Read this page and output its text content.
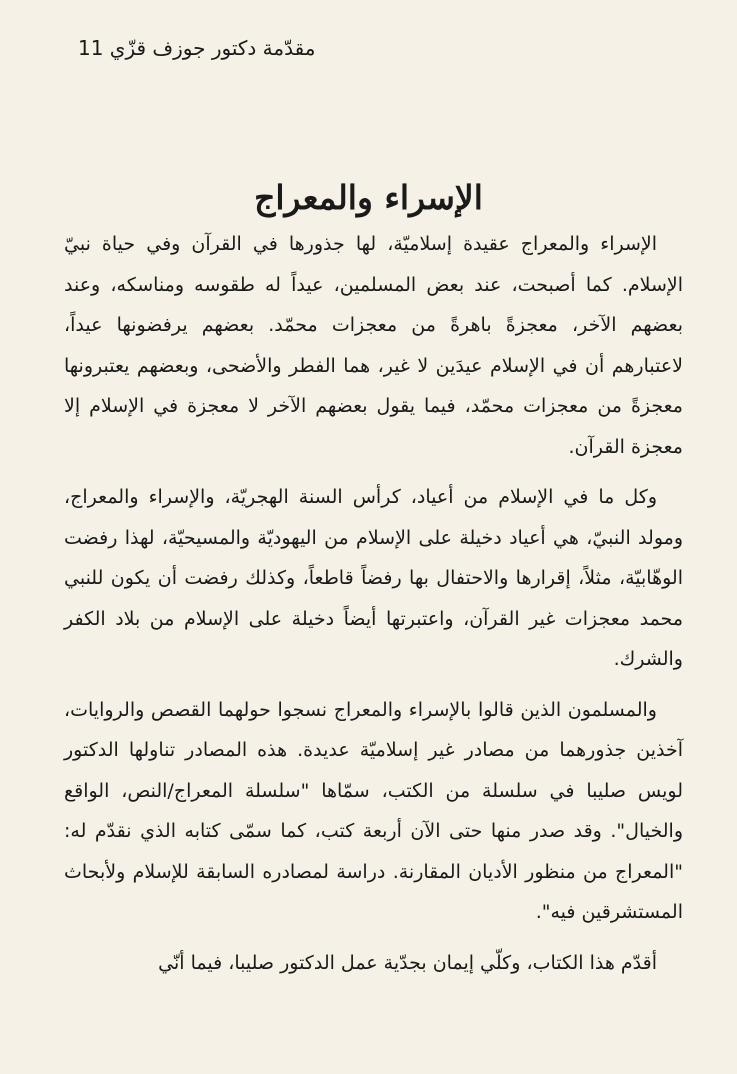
مقدّمة دكتور جوزف قزّي 11
الإسراء والمعراج

الإسراء والمعراج عقيدة إسلاميّة، لها جذورها في القرآن وفي حياة نبيّ الإسلام. كما أصبحت، عند بعض المسلمين، عيداً له طقوسه ومناسكه، وعند بعضهم الآخر، معجزةً باهرةً من معجزات محمّد. بعضهم يرفضونها عيداً، لاعتبارهم أن في الإسلام عيدَين لا غير، هما الفطر والأضحى، وبعضهم يعتبرونها معجزةً من معجزات محمّد، فيما يقول بعضهم الآخر لا معجزة في الإسلام إلا معجزة القرآن.

وكل ما في الإسلام من أعياد، كرأس السنة الهجريّة، والإسراء والمعراج، ومولد النبيّ، هي أعياد دخيلة على الإسلام من اليهوديّة والمسيحيّة، لهذا رفضت الوهّابيّة، مثلاً، إقرارها والاحتفال بها رفضاً قاطعاً، وكذلك رفضت أن يكون للنبي محمد معجزات غير القرآن، واعتبرتها أيضاً دخيلة على الإسلام من بلاد الكفر والشرك.

والمسلمون الذين قالوا بالإسراء والمعراج نسجوا حولهما القصص والروايات، آخذين جذورهما من مصادر غير إسلاميّة عديدة. هذه المصادر تناولها الدكتور لويس صليبا في سلسلة من الكتب، سمّاها "سلسلة المعراج/النص، الواقع والخيال". وقد صدر منها حتى الآن أربعة كتب، كما سمّى كتابه الذي نقدّم له: "المعراج من منظور الأديان المقارنة. دراسة لمصادره السابقة للإسلام ولأبحاث المستشرقين فيه".

أقدّم هذا الكتاب، وكلّي إيمان بجدّية عمل الدكتور صليبا، فيما أنّي
